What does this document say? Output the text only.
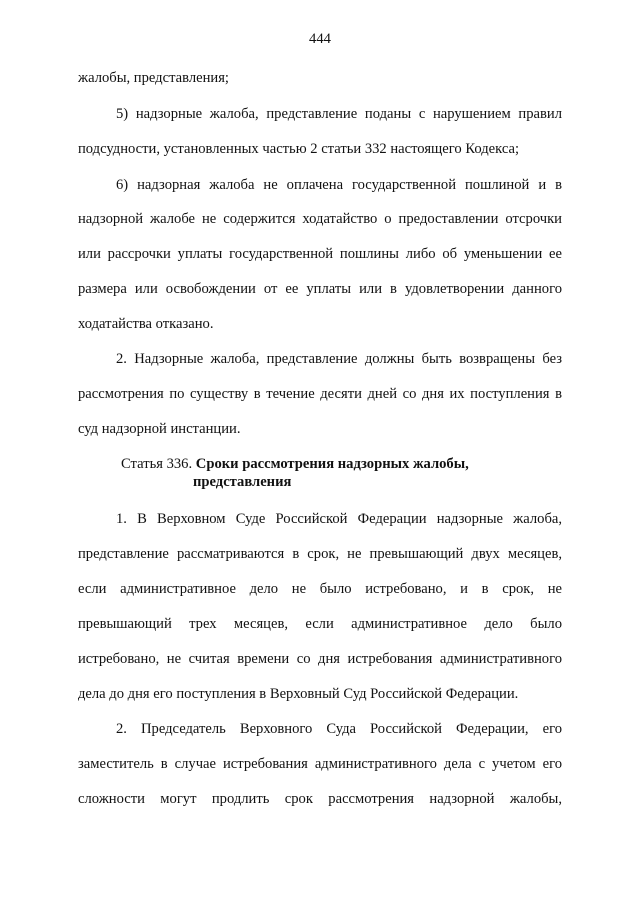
444
жалобы, представления;
5) надзорные жалоба, представление поданы с нарушением правил
подсудности, установленных частью 2 статьи 332 настоящего Кодекса;
6) надзорная жалоба не оплачена государственной пошлиной и в
надзорной жалобе не содержится ходатайство о предоставлении отсрочки
или рассрочки уплаты государственной пошлины либо об уменьшении ее
размера или освобождении от ее уплаты или в удовлетворении данного
ходатайства отказано.
2. Надзорные жалоба, представление должны быть возвращены без
рассмотрения по существу в течение десяти дней со дня их поступления в
суд надзорной инстанции.
Статья 336. Сроки рассмотрения надзорных жалобы,
представления
1. В Верховном Суде Российской Федерации надзорные жалоба,
представление рассматриваются в срок, не превышающий двух месяцев,
если административное дело не было истребовано, и в срок, не
превышающий трех месяцев, если административное дело было
истребовано, не считая времени со дня истребования административного
дела до дня его поступления в Верховный Суд Российской Федерации.
2. Председатель Верховного Суда Российской Федерации, его
заместитель в случае истребования административного дела с учетом его
сложности могут продлить срок рассмотрения надзорной жалобы,
